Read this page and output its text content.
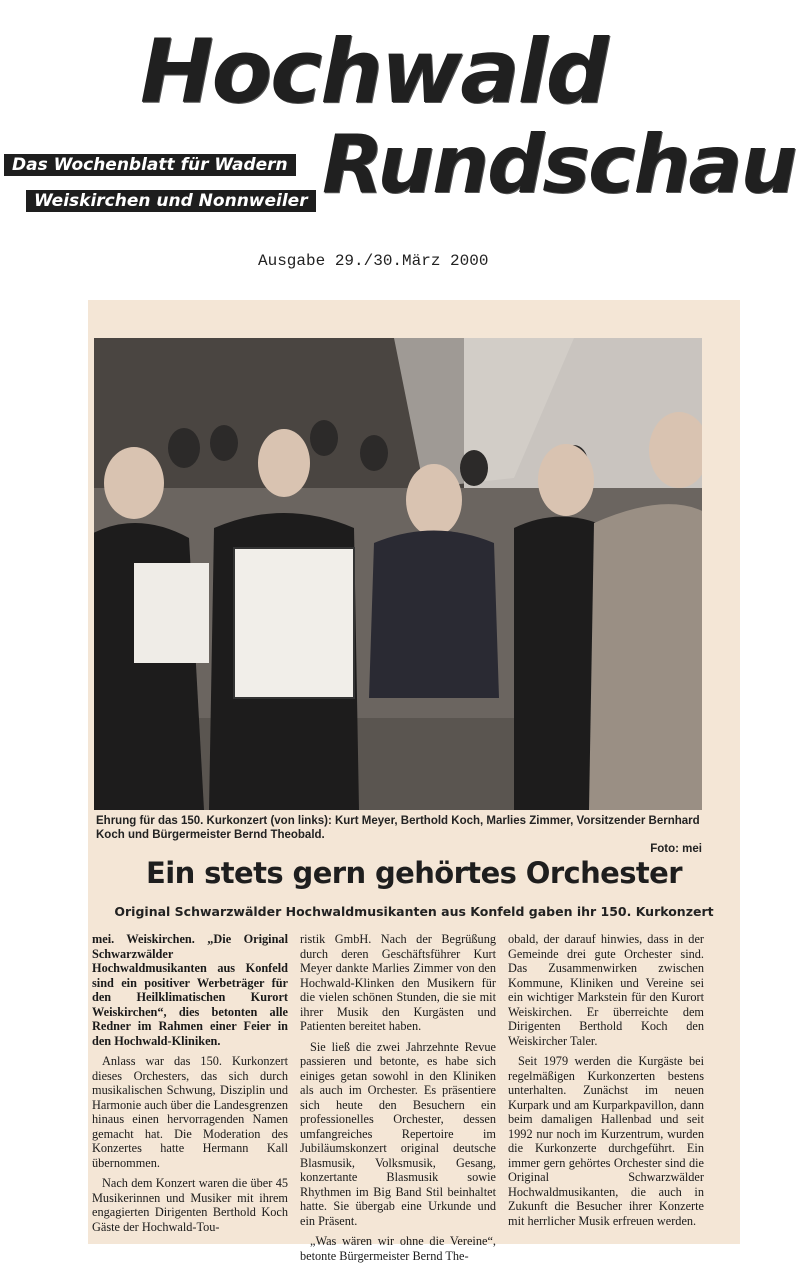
Hochwald
Rundschau
Das Wochenblatt für Wadern
Weiskirchen und Nonnweiler
Ausgabe 29./30.März 2000
Ehrung für das 150. Kurkonzert (von links): Kurt Meyer, Berthold Koch, Marlies Zimmer, Vorsitzender Bernhard Koch und Bürgermeister Bernd Theobald.
Foto: mei
Ein stets gern gehörtes Orchester
Original Schwarzwälder Hochwaldmusikanten aus Konfeld gaben ihr 150. Kurkonzert

mei. Weiskirchen. „Die Original Schwarzwälder Hochwaldmusikanten aus Konfeld sind ein positiver Werbeträger für den Heilklimatischen Kurort Weiskirchen“, dies betonten alle Redner im Rahmen einer Feier in den Hochwald-Kliniken.

Anlass war das 150. Kurkonzert dieses Orchesters, das sich durch musikalischen Schwung, Disziplin und Harmonie auch über die Landesgrenzen hinaus einen hervorragenden Namen gemacht hat. Die Moderation des Konzertes hatte Hermann Kall übernommen.

Nach dem Konzert waren die über 45 Musikerinnen und Musiker mit ihrem engagierten Dirigenten Berthold Koch Gäste der Hochwald-Tou-

ristik GmbH. Nach der Begrüßung durch deren Geschäftsführer Kurt Meyer dankte Marlies Zimmer von den Hochwald-Klinken den Musikern für die vielen schönen Stunden, die sie mit ihrer Musik den Kurgästen und Patienten bereitet haben.

Sie ließ die zwei Jahrzehnte Revue passieren und betonte, es habe sich einiges getan sowohl in den Kliniken als auch im Orchester. Es präsentiere sich heute den Besuchern ein professionelles Orchester, dessen umfangreiches Repertoire im Jubiläumskonzert original deutsche Blasmusik, Volksmusik, Gesang, konzertante Blasmusik sowie Rhythmen im Big Band Stil beinhaltet hatte. Sie übergab eine Urkunde und ein Präsent.

„Was wären wir ohne die Vereine“, betonte Bürgermeister Bernd The-

obald, der darauf hinwies, dass in der Gemeinde drei gute Orchester sind. Das Zusammenwirken zwischen Kommune, Kliniken und Vereine sei ein wichtiger Markstein für den Kurort Weiskirchen. Er überreichte dem Dirigenten Berthold Koch den Weiskircher Taler.

Seit 1979 werden die Kurgäste bei regelmäßigen Kurkonzerten bestens unterhalten. Zunächst im neuen Kurpark und am Kurparkpavillon, dann beim damaligen Hallenbad und seit 1992 nur noch im Kurzentrum, wurden die Kurkonzerte durchgeführt. Ein immer gern gehörtes Orchester sind die Original Schwarzwälder Hochwaldmusikanten, die auch in Zukunft die Besucher ihrer Konzerte mit herrlicher Musik erfreuen werden.
